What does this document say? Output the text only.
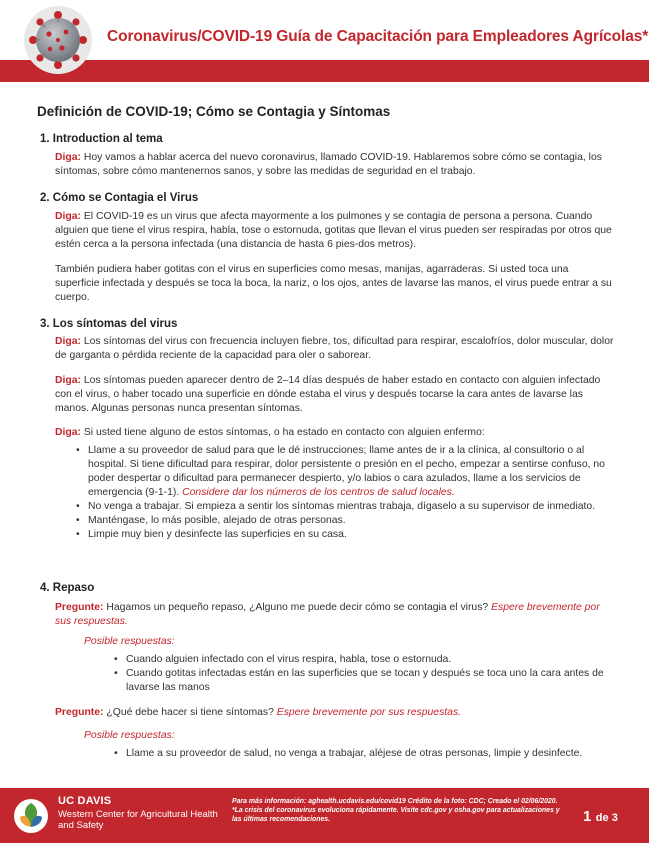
Coronavirus/COVID-19 Guía de Capacitación para Empleadores Agrícolas*
Definición de COVID-19; Cómo se Contagia y Síntomas
1. Introduction al tema
Diga: Hoy vamos a hablar acerca del nuevo coronavirus, llamado COVID-19. Hablaremos sobre cómo se contagia, los síntomas, sobre cómo mantenernos sanos, y sobre las medidas de seguridad en el trabajo.
2. Cómo se Contagia el Virus
Diga: El COVID-19 es un virus que afecta mayormente a los pulmones y se contagia de persona a persona. Cuando alguien que tiene el virus respira, habla, tose o estornuda, gotitas que llevan el virus pueden ser respiradas por otros que estén cerca a la persona infectada (una distancia de hasta 6 pies-dos metros).
También pudiera haber gotitas con el virus en superficies como mesas, manijas, agarraderas. Si usted toca una superficie infectada y después se toca la boca, la nariz, o los ojos, antes de lavarse las manos, el virus puede entrar a su cuerpo.
3. Los síntomas del virus
Diga: Los síntomas del virus con frecuencia incluyen fiebre, tos, dificultad para respirar, escalofríos, dolor muscular, dolor de garganta o pérdida reciente de la capacidad para oler o saborear.
Diga: Los síntomas pueden aparecer dentro de 2–14 días después de haber estado en contacto con alguien infectado con el virus, o haber tocado una superficie en dónde estaba el virus y después tocarse la cara antes de lavarse las manos. Algunas personas nunca presentan síntomas.
Diga: Si usted tiene alguno de estos síntomas, o ha estado en contacto con alguien enfermo:
• Llame a su proveedor de salud para que le dé instrucciones; llame antes de ir a la clínica, al consultorio o al hospital. Si tiene dificultad para respirar, dolor persistente o presión en el pecho, empezar a sentirse confuso, no poder despertar o dificultad para permanecer despierto, y/o labios o cara azulados, llame a los servicios de emergencia (9-1-1). Considere dar los números de los centros de salud locales.
• No venga a trabajar. Si empieza a sentir los síntomas mientras trabaja, dígaselo a su supervisor de inmediato.
• Manténgase, lo más posible, alejado de otras personas.
• Limpie muy bien y desinfecte las superficies en su casa.
4. Repaso
Pregunte: Hagamos un pequeño repaso, ¿Alguno me puede decir cómo se contagia el virus? Espere brevemente por sus respuestas.
Posible respuestas:
• Cuando alguien infectado con el virus respira, habla, tose o estornuda.
• Cuando gotitas infectadas están en las superficies que se tocan y después se toca uno la cara antes de lavarse las manos
Pregunte: ¿Qué debe hacer si tiene síntomas? Espere brevemente por sus respuestas.
Posible respuestas:
• Llame a su proveedor de salud, no venga a trabajar, aléjese de otras personas, limpie y desinfecte.
UC DAVIS
Western Center for Agricultural Health and Safety
Para más información: aghealth.ucdavis.edu/covid19 Crédito de la foto: CDC; Creado el 02/06/2020. *La crisis del coronavirus evoluciona rápidamente. Visite cdc.gov y osha.gov para actualizaciones y las últimas recomendaciones.	1 de 3
